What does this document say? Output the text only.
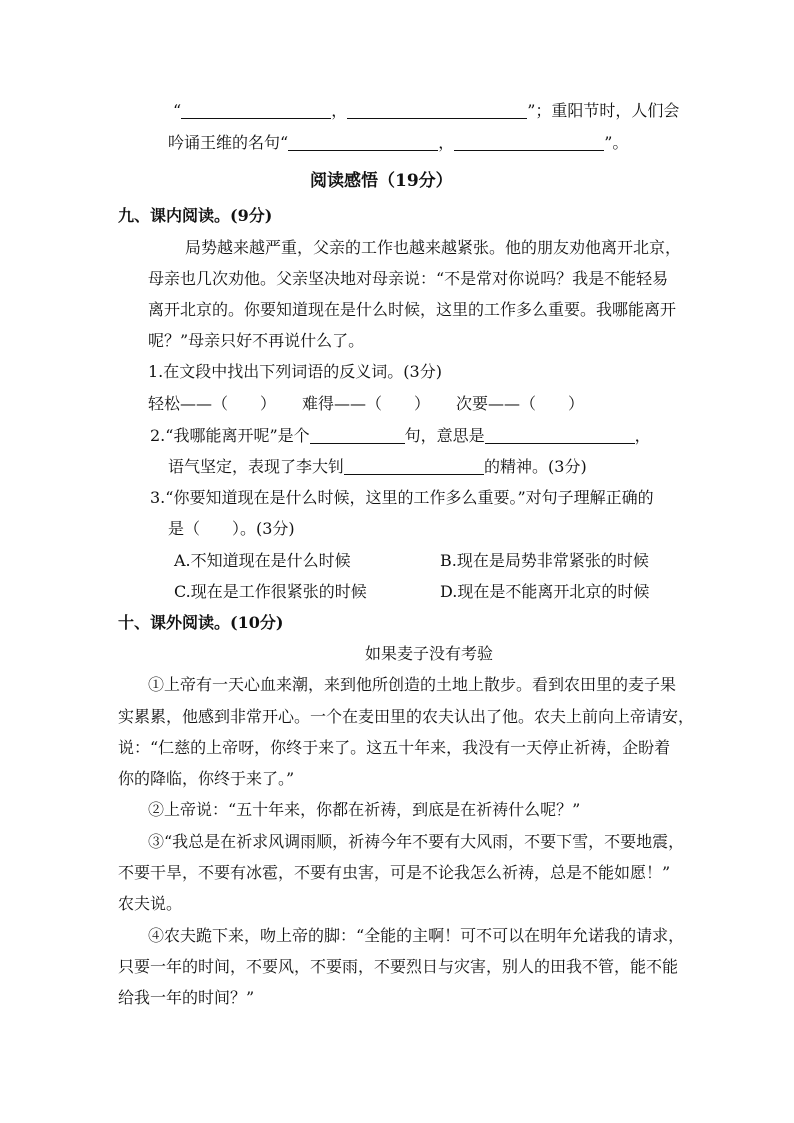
“	，	”；重阳节时，人们会
吟诵王维的名句“	，	”。
阅读感悟（19分）
九、课内阅读。(9分)
局势越来越严重，父亲的工作也越来越紧张。他的朋友劝他离开北京，
母亲也几次劝他。父亲坚决地对母亲说：“不是常对你说吗？我是不能轻易
离开北京的。你要知道现在是什么时候，这里的工作多么重要。我哪能离开
呢？”母亲只好不再说什么了。
1.在文段中找出下列词语的反义词。(3分)
轻松——（　　） 难得——（　　） 次要——（　　）
2.“我哪能离开呢”是个	句，意思是	，
语气坚定，表现了李大钊	的精神。(3分)
3.“你要知道现在是什么时候，这里的工作多么重要。”对句子理解正确的
是（　　）。(3分)
A.不知道现在是什么时候	B.现在是局势非常紧张的时候
C.现在是工作很紧张的时候	D.现在是不能离开北京的时候
十、课外阅读。(10分)
如果麦子没有考验
①上帝有一天心血来潮，来到他所创造的土地上散步。看到农田里的麦子果
实累累，他感到非常开心。一个在麦田里的农夫认出了他。农夫上前向上帝请安，
说：“仁慈的上帝呀，你终于来了。这五十年来，我没有一天停止祈祷，企盼着
你的降临，你终于来了。”
②上帝说：“五十年来，你都在祈祷，到底是在祈祷什么呢？”
③“我总是在祈求风调雨顺，祈祷今年不要有大风雨，不要下雪，不要地震，
不要干旱，不要有冰雹，不要有虫害，可是不论我怎么祈祷，总是不能如愿！”
农夫说。
④农夫跪下来，吻上帝的脚：“全能的主啊！可不可以在明年允诺我的请求，
只要一年的时间，不要风，不要雨，不要烈日与灾害，别人的田我不管，能不能
给我一年的时间？”
